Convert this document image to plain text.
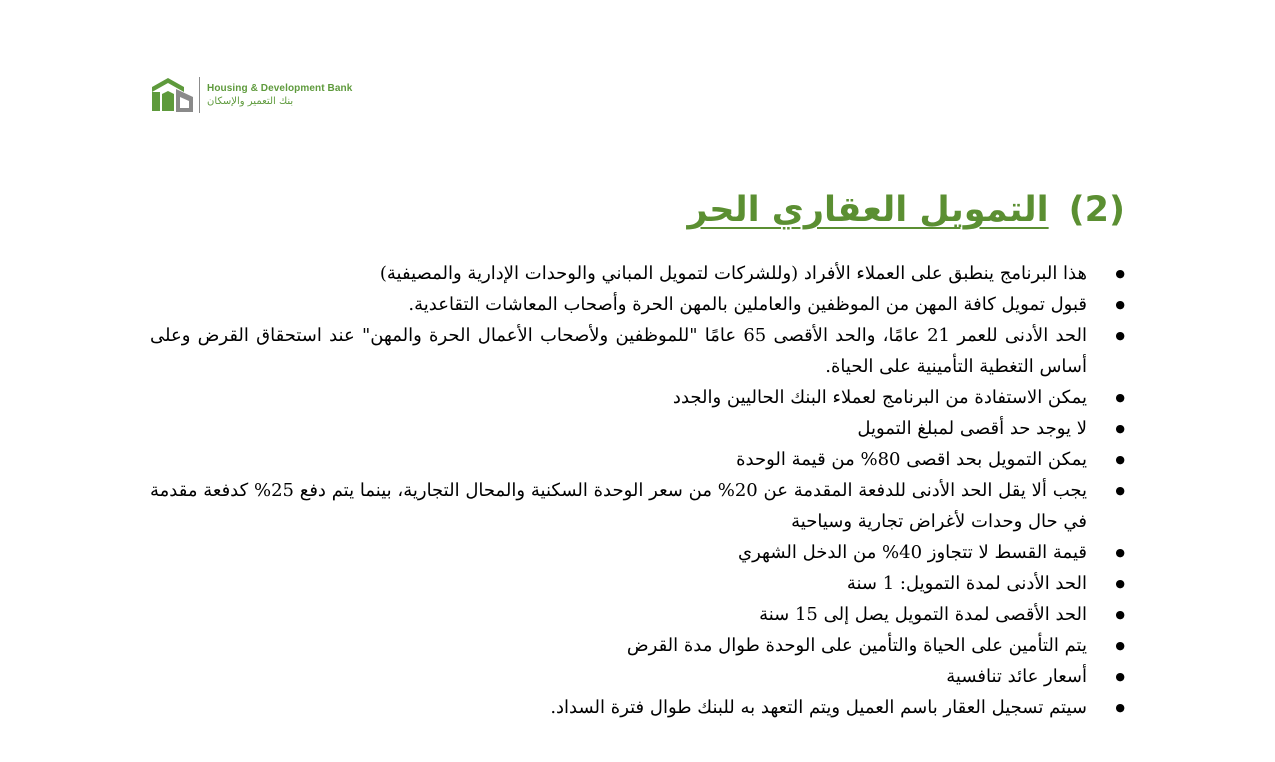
Housing & Development Bank
بنك التعمير والإسكان
(2)التمويل العقاري الحر
● هذا البرنامج ينطبق على العملاء الأفراد (وللشركات لتمويل المباني والوحدات الإدارية والمصيفية)
● قبول تمويل كافة المهن من الموظفين والعاملين بالمهن الحرة وأصحاب المعاشات التقاعدية.
● الحد الأدنى للعمر 21 عامًا، والحد الأقصى 65 عامًا "للموظفين ولأصحاب الأعمال الحرة والمهن" عند استحقاق القرض وعلى أساس التغطية التأمينية على الحياة.
● يمكن الاستفادة من البرنامج لعملاء البنك الحاليين والجدد
● لا يوجد حد أقصى لمبلغ التمويل
● يمكن التمويل بحد اقصى 80% من قيمة الوحدة
● يجب ألا يقل الحد الأدنى للدفعة المقدمة عن 20% من سعر الوحدة السكنية والمحال التجارية، بينما يتم دفع 25% كدفعة مقدمة في حال وحدات لأغراض تجارية وسياحية
● قيمة القسط لا تتجاوز 40% من الدخل الشهري
● الحد الأدنى لمدة التمويل: 1 سنة
● الحد الأقصى لمدة التمويل يصل إلى 15 سنة
● يتم التأمين على الحياة والتأمين على الوحدة طوال مدة القرض
● أسعار عائد تنافسية
● سيتم تسجيل العقار باسم العميل ويتم التعهد به للبنك طوال فترة السداد.
